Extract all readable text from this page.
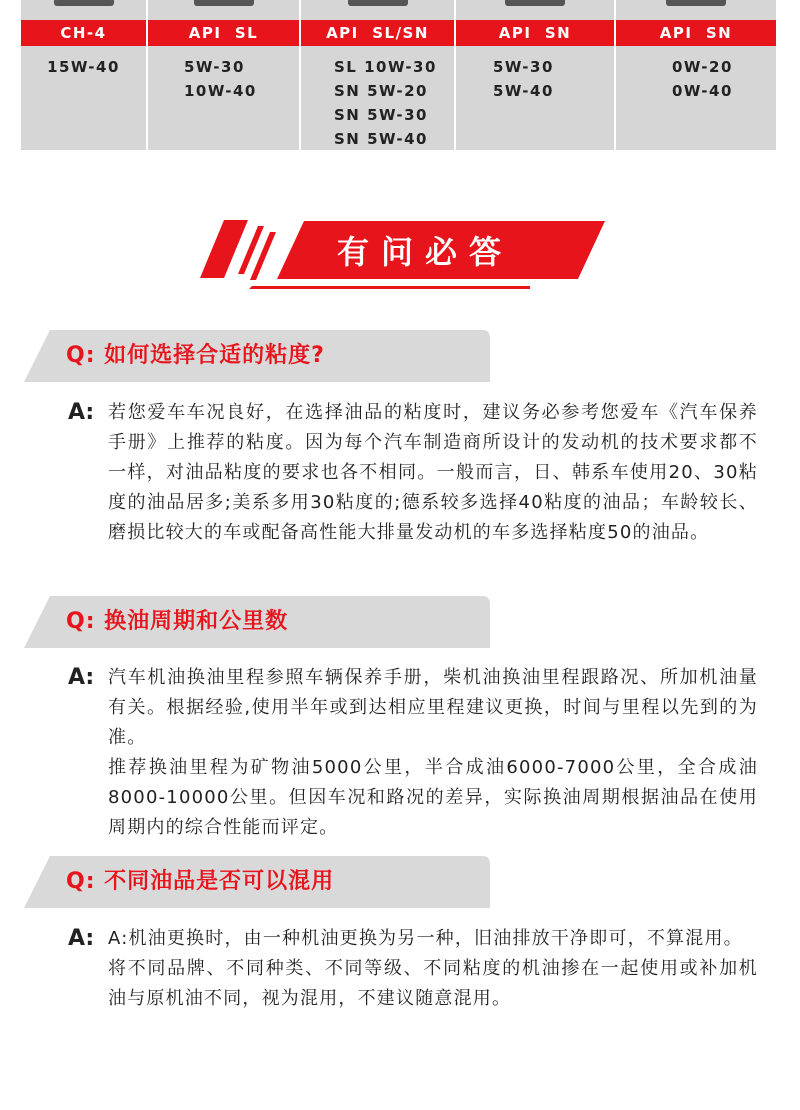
CH-4
15W-40
API  SL
5W-30
10W-40
API  SL/SN
SL 10W-30
SN 5W-20
SN 5W-30
SN 5W-40
API  SN
5W-30
5W-40
API  SN
0W-20
0W-40
有问必答
Q: 如何选择合适的粘度?
A: 若您爱车车况良好，在选择油品的粘度时，建议务必参考您爱车《汽车保养手册》上推荐的粘度。因为每个汽车制造商所设计的发动机的技术要求都不一样，对油品粘度的要求也各不相同。一般而言，日、韩系车使用20、30粘度的油品居多;美系多用30粘度的;德系较多选择40粘度的油品；车龄较长、磨损比较大的车或配备高性能大排量发动机的车多选择粘度50的油品。

Q: 换油周期和公里数
A: 汽车机油换油里程参照车辆保养手册，柴机油换油里程跟路况、所加机油量有关。根据经验,使用半年或到达相应里程建议更换，时间与里程以先到的为准。

推荐换油里程为矿物油5000公里，半合成油6000-7000公里，全合成油8000-10000公里。但因车况和路况的差异，实际换油周期根据油品在使用周期内的综合性能而评定。

Q: 不同油品是否可以混用
A: A:机油更换时，由一种机油更换为另一种，旧油排放干净即可，不算混用。

将不同品牌、不同种类、不同等级、不同粘度的机油掺在一起使用或补加机油与原机油不同，视为混用，不建议随意混用。
